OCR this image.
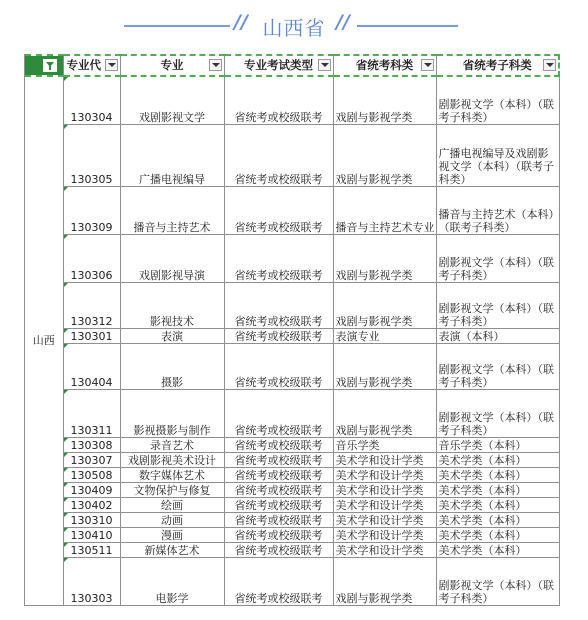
// 山西省 //
	专业代	专业	专业考试类型	省统考科类	省统考子科类

山西	130304	戏剧影视文学	省统考或校级联考	戏剧与影视学类	剧影视文学（本科）（联考子科类）

130305	广播电视编导	省统考或校级联考	戏剧与影视学类	广播电视编导及戏剧影视文学（本科）（联考子科类）

130309	播音与主持艺术	省统考或校级联考	播音与主持艺术专业	播音与主持艺术（本科）（联考子科类）

130306	戏剧影视导演	省统考或校级联考	戏剧与影视学类	剧影视文学（本科）（联考子科类）

130312	影视技术	省统考或校级联考	戏剧与影视学类	剧影视文学（本科）（联考子科类）

130301	表演	省统考或校级联考	表演专业	表演（本科）

130404	摄影	省统考或校级联考	戏剧与影视学类	剧影视文学（本科）（联考子科类）

130311	影视摄影与制作	省统考或校级联考	戏剧与影视学类	剧影视文学（本科）（联考子科类）

130308	录音艺术	省统考或校级联考	音乐学类	音乐学类（本科）

130307	戏剧影视美术设计	省统考或校级联考	美术学和设计学类	美术学类（本科）

130508	数字媒体艺术	省统考或校级联考	美术学和设计学类	美术学类（本科）

130409	文物保护与修复	省统考或校级联考	美术学和设计学类	美术学类（本科）

130402	绘画	省统考或校级联考	美术学和设计学类	美术学类（本科）

130310	动画	省统考或校级联考	美术学和设计学类	美术学类（本科）

130410	漫画	省统考或校级联考	美术学和设计学类	美术学类（本科）

130511	新媒体艺术	省统考或校级联考	美术学和设计学类	美术学类（本科）

130303	电影学	省统考或校级联考	戏剧与影视学类	剧影视文学（本科）（联考子科类）
